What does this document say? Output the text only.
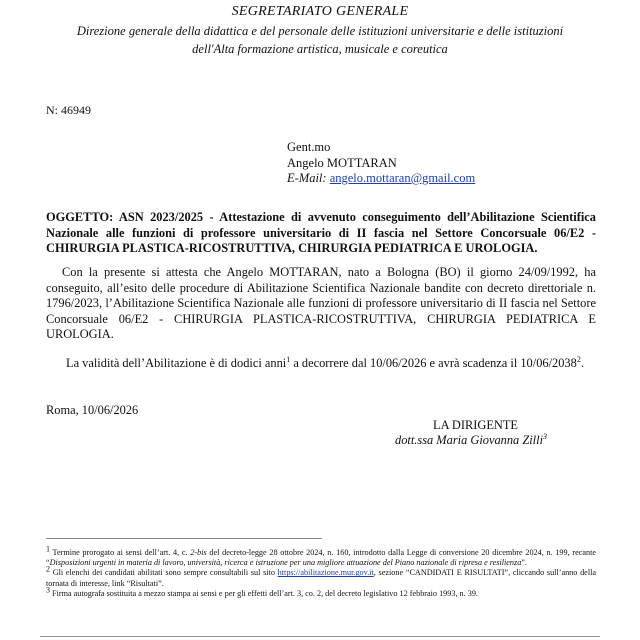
SEGRETARIATO GENERALE
Direzione generale della didattica e del personale delle istituzioni universitarie e delle istituzioni
dell'Alta formazione artistica, musicale e coreutica
N: 46949
Gent.mo
Angelo MOTTARAN
E-Mail: angelo.mottaran@gmail.com
OGGETTO: ASN 2023/2025 - Attestazione di avvenuto conseguimento dell’Abilitazione Scientifica Nazionale alle funzioni di professore universitario di II fascia nel Settore Concorsuale 06/E2 - CHIRURGIA PLASTICA-RICOSTRUTTIVA, CHIRURGIA PEDIATRICA E UROLOGIA.

Con la presente si attesta che Angelo MOTTARAN, nato a Bologna (BO) il giorno 24/09/1992, ha conseguito, all’esito delle procedure di Abilitazione Scientifica Nazionale bandite con decreto direttoriale n. 1796/2023, l’Abilitazione Scientifica Nazionale alle funzioni di professore universitario di II fascia nel Settore Concorsuale 06/E2 - CHIRURGIA PLASTICA-RICOSTRUTTIVA, CHIRURGIA PEDIATRICA E UROLOGIA.

La validità dell’Abilitazione è di dodici anni$^1$ a decorrere dal 10/06/2026 e avrà scadenza il 10/06/2038$^2$.

Roma, 10/06/2026
LA DIRIGENTE
dott.ssa Maria Giovanna Zilli$^3$

$^1$ Termine prorogato ai sensi dell’art. 4, c. 2-bis del decreto-legge 28 ottobre 2024, n. 160, introdotto dalla Legge di conversione 20 dicembre 2024, n. 199, recante “Disposizioni urgenti in materia di lavoro, università, ricerca e istruzione per una migliore attuazione del Piano nazionale di ripresa e resilienza”.

$^2$ Gli elenchi dei candidati abilitati sono sempre consultabili sul sito https://abilitazione.mur.gov.it, sezione “CANDIDATI E RISULTATI”, cliccando sull’anno della tornata di interesse, link “Risultati”.

$^3$ Firma autografa sostituita a mezzo stampa ai sensi e per gli effetti dell’art. 3, co. 2, del decreto legislativo 12 febbraio 1993, n. 39.
